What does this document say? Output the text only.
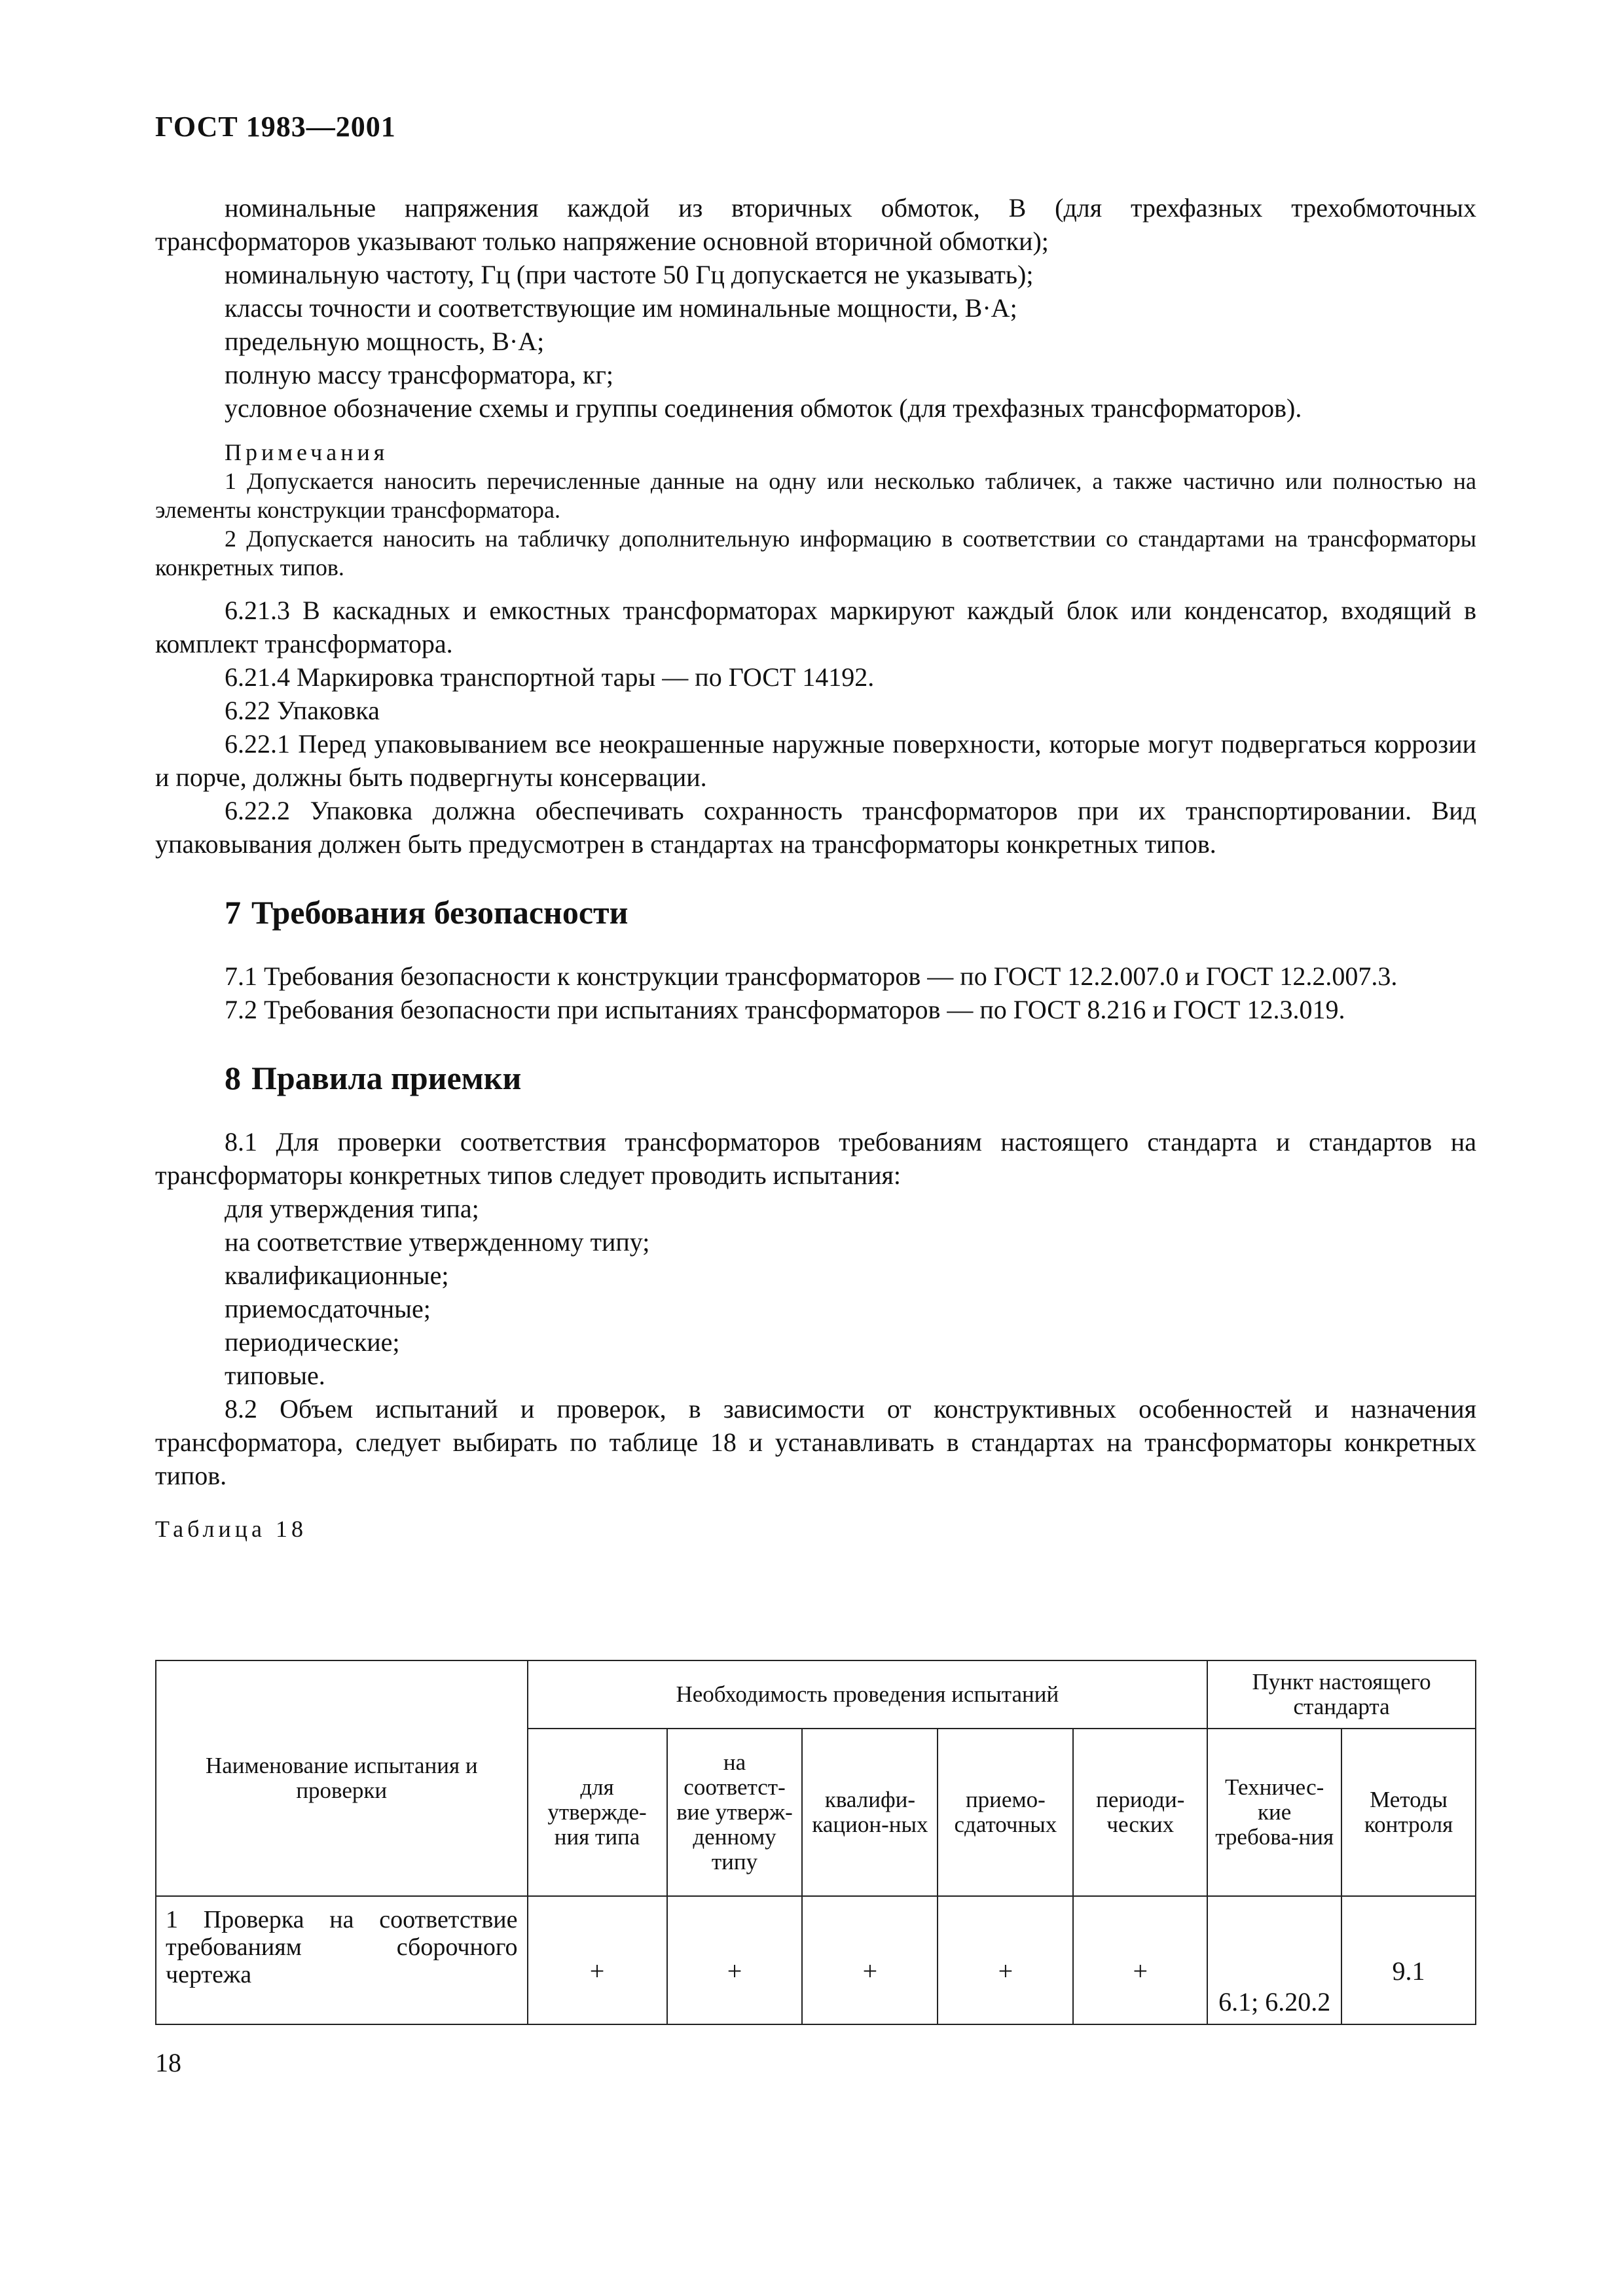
ГОСТ 1983—2001

номинальные напряжения каждой из вторичных обмоток, В (для трехфазных трехобмоточных

трансформаторов указывают только напряжение основной вторичной обмотки);

номинальную частоту, Гц (при частоте 50 Гц допускается не указывать);

классы точности и соответствующие им номинальные мощности, В·А;

предельную мощность, В·А;

полную массу трансформатора, кг;

условное обозначение схемы и группы соединения обмоток (для трехфазных трансформаторов).

Примечания

1 Допускается наносить перечисленные данные на одну или несколько табличек, а также частично или полностью на элементы конструкции трансформатора.

2 Допускается наносить на табличку дополнительную информацию в соответствии со стандартами на трансформаторы конкретных типов.

6.21.3 В каскадных и емкостных трансформаторах маркируют каждый блок или конденсатор, входящий в комплект трансформатора.

6.21.4 Маркировка транспортной тары — по ГОСТ 14192.

6.22 Упаковка

6.22.1 Перед упаковыванием все неокрашенные наружные поверхности, которые могут подвергаться коррозии и порче, должны быть подвергнуты консервации.

6.22.2 Упаковка должна обеспечивать сохранность трансформаторов при их транспортировании. Вид упаковывания должен быть предусмотрен в стандартах на трансформаторы конкретных типов.

7 Требования безопасности

7.1 Требования безопасности к конструкции трансформаторов — по ГОСТ 12.2.007.0 и ГОСТ 12.2.007.3.

7.2 Требования безопасности при испытаниях трансформаторов — по ГОСТ 8.216 и ГОСТ 12.3.019.

8 Правила приемки

8.1 Для проверки соответствия трансформаторов требованиям настоящего стандарта и стандартов на трансформаторы конкретных типов следует проводить испытания:

для утверждения типа;

на соответствие утвержденному типу;

квалификационные;

приемосдаточные;

периодические;

типовые.

8.2 Объем испытаний и проверок, в зависимости от конструктивных особенностей и назначения трансформатора, следует выбирать по таблице 18 и устанавливать в стандартах на трансформаторы конкретных типов.

Таблица 18
Наименование испытания и проверки	Необходимость проведения испытаний					Пункт настоящего стандарта	
	для утвержде-ния типа	на соответст-вие утверж-денному типу	квалифи-кацион-ных	приемо-сдаточных	периоди-ческих	Техничес-кие требова-ния	Методы контроля
1 Проверка на соответствие требованиям сборочного чертежа	+	+	+	+	+	6.1; 6.20.2	9.1
18
